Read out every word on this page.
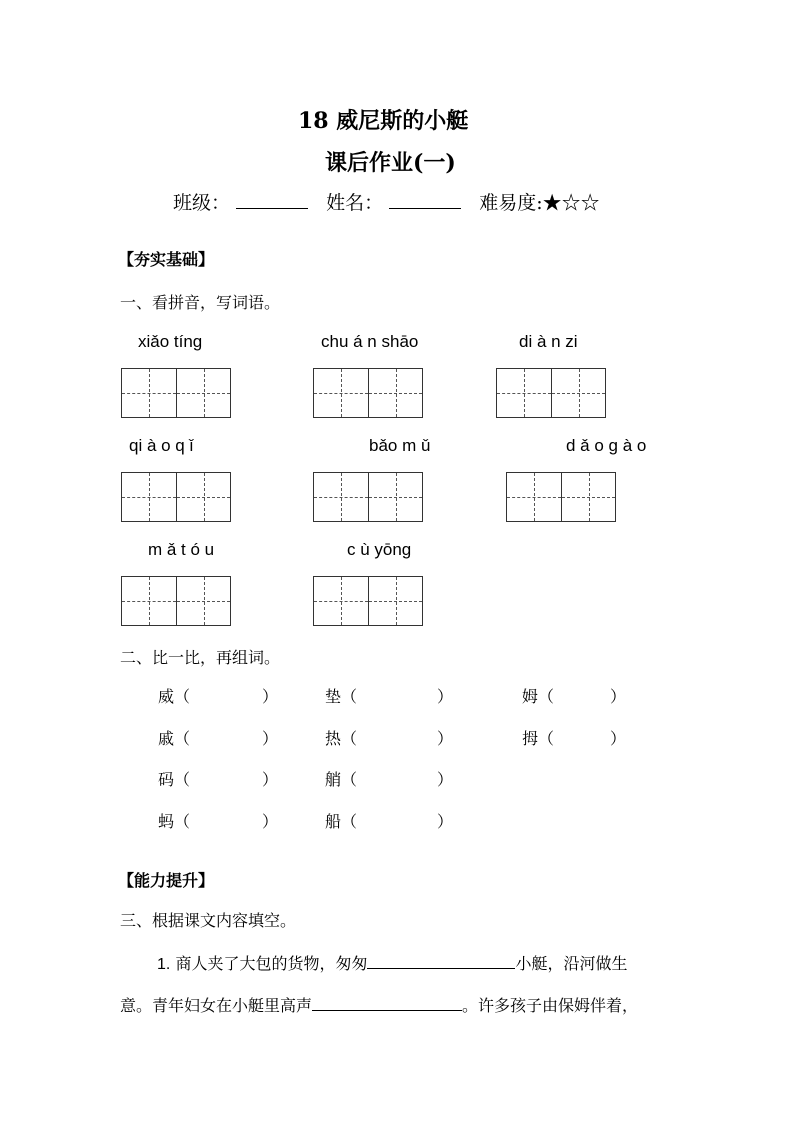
18 威尼斯的小艇
课后作业(一)
班级：	姓名：	难易度:★☆☆
【夯实基础】
一、看拼音，写词语。
xiǎo tíng	chu á n shāo	di à n zi
qi à o q ǐ	bǎo m ǔ	d ǎ o g à o
m ǎ t ó u	c ù yōng
二、比一比，再组词。
威（	）	垫（	）	姆（	）
戚（	）	热（	）	拇（	）
码（	）	艄（	）
蚂（	）	船（	）
【能力提升】
三、根据课文内容填空。
1. 商人夹了大包的货物，匆匆	小艇，沿河做生
意。青年妇女在小艇里高声	。许多孩子由保姆伴着，
